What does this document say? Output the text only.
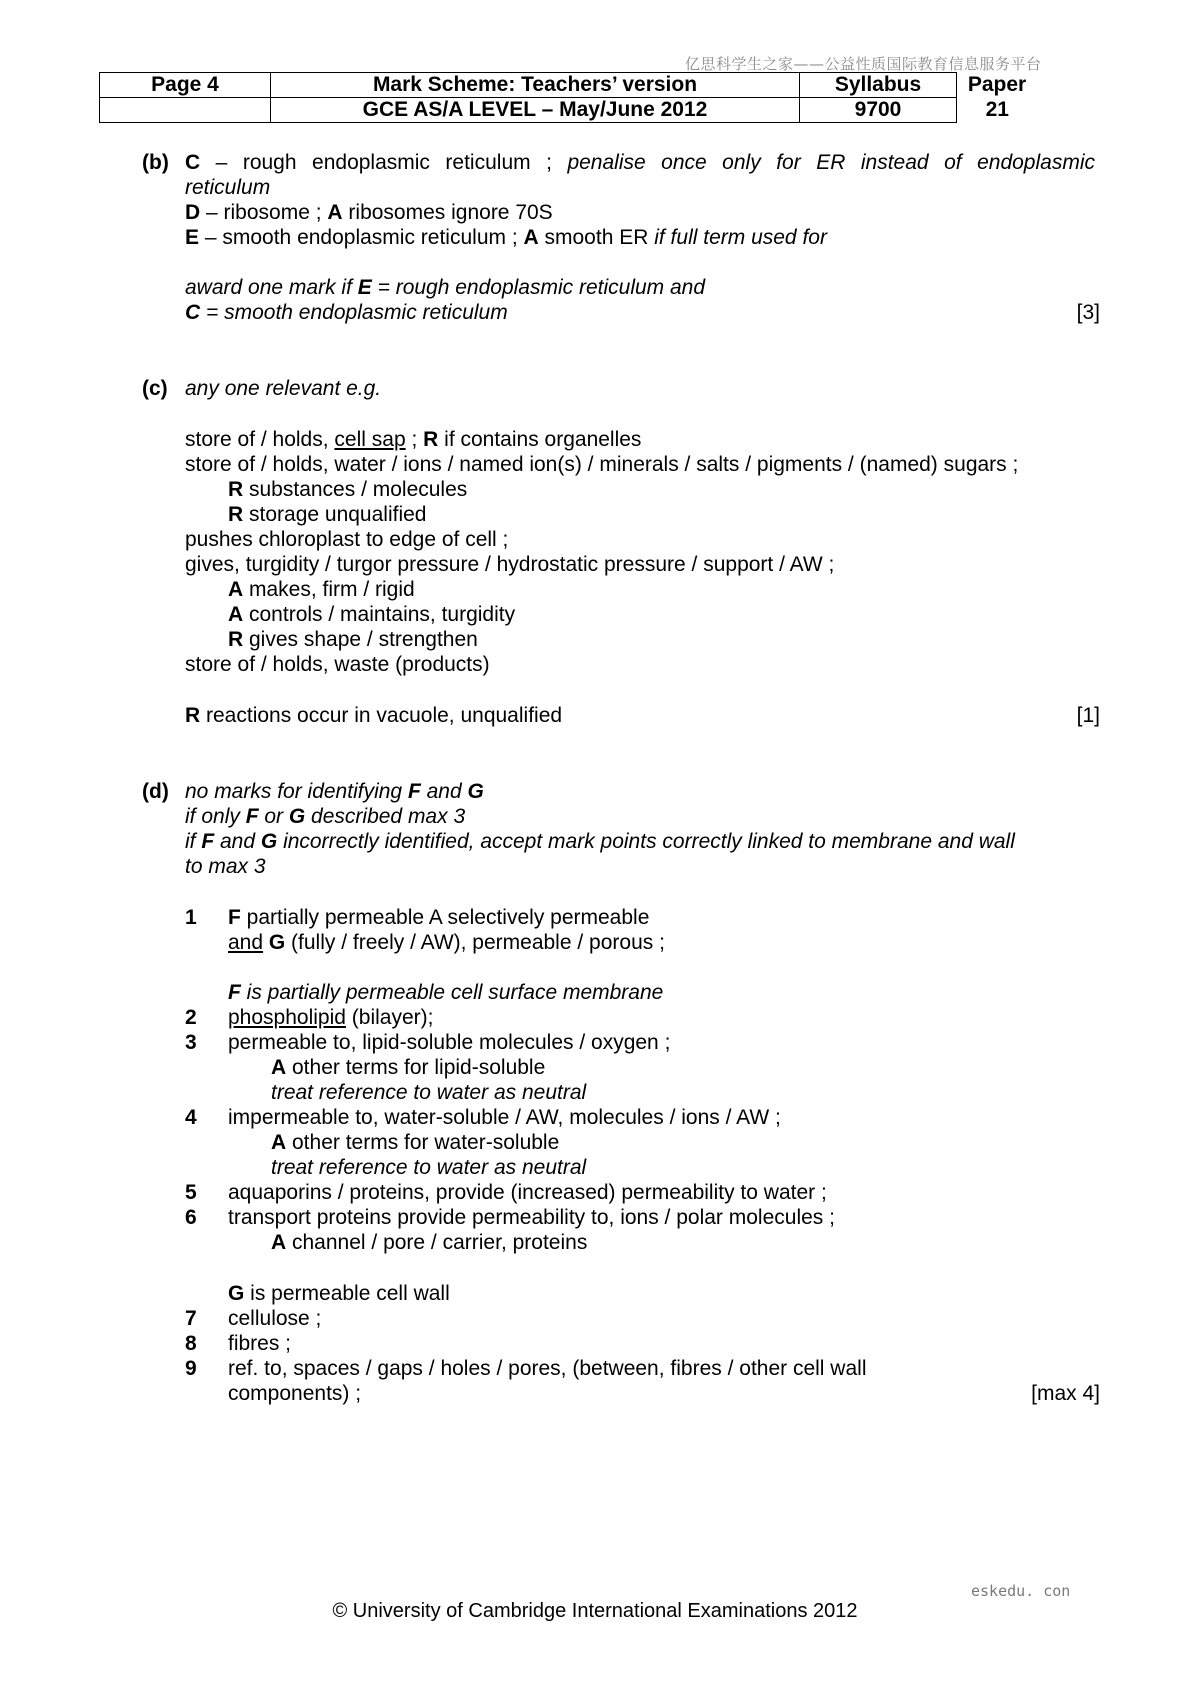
亿思科学生之家——公益性质国际教育信息服务平台
Page 4	Mark Scheme: Teachers’ version	Syllabus	Paper
	GCE AS/A LEVEL – May/June 2012	9700	21
(b) C – rough endoplasmic reticulum ; penalise once only for ER instead of endoplasmic
reticulum
D – ribosome ; A ribosomes ignore 70S
E – smooth endoplasmic reticulum ; A smooth ER if full term used for
award one mark if E = rough endoplasmic reticulum and
C = smooth endoplasmic reticulum	[3]
(c) any one relevant e.g.
store of / holds, cell sap ; R if contains organelles
store of / holds, water / ions / named ion(s) / minerals / salts / pigments / (named) sugars ;
R substances / molecules
R storage unqualified
pushes chloroplast to edge of cell ;
gives, turgidity / turgor pressure / hydrostatic pressure / support / AW ;
A makes, firm / rigid
A controls / maintains, turgidity
R gives shape / strengthen
store of / holds, waste (products)
R reactions occur in vacuole, unqualified	[1]
(d) no marks for identifying F and G
if only F or G described max 3
if F and G incorrectly identified, accept mark points correctly linked to membrane and wall
to max 3
1 F partially permeable A selectively permeable
and G (fully / freely / AW), permeable / porous ;
F is partially permeable cell surface membrane
2 phospholipid (bilayer);
3 permeable to, lipid-soluble molecules / oxygen ;
A other terms for lipid-soluble
treat reference to water as neutral
4 impermeable to, water-soluble / AW, molecules / ions / AW ;
A other terms for water-soluble
treat reference to water as neutral
5 aquaporins / proteins, provide (increased) permeability to water ;
6 transport proteins provide permeability to, ions / polar molecules ;
A channel / pore / carrier, proteins
G is permeable cell wall
7 cellulose ;
8 fibres ;
9 ref. to, spaces / gaps / holes / pores, (between, fibres / other cell wall
components) ;	[max 4]
eskedu. con
© University of Cambridge International Examinations 2012
